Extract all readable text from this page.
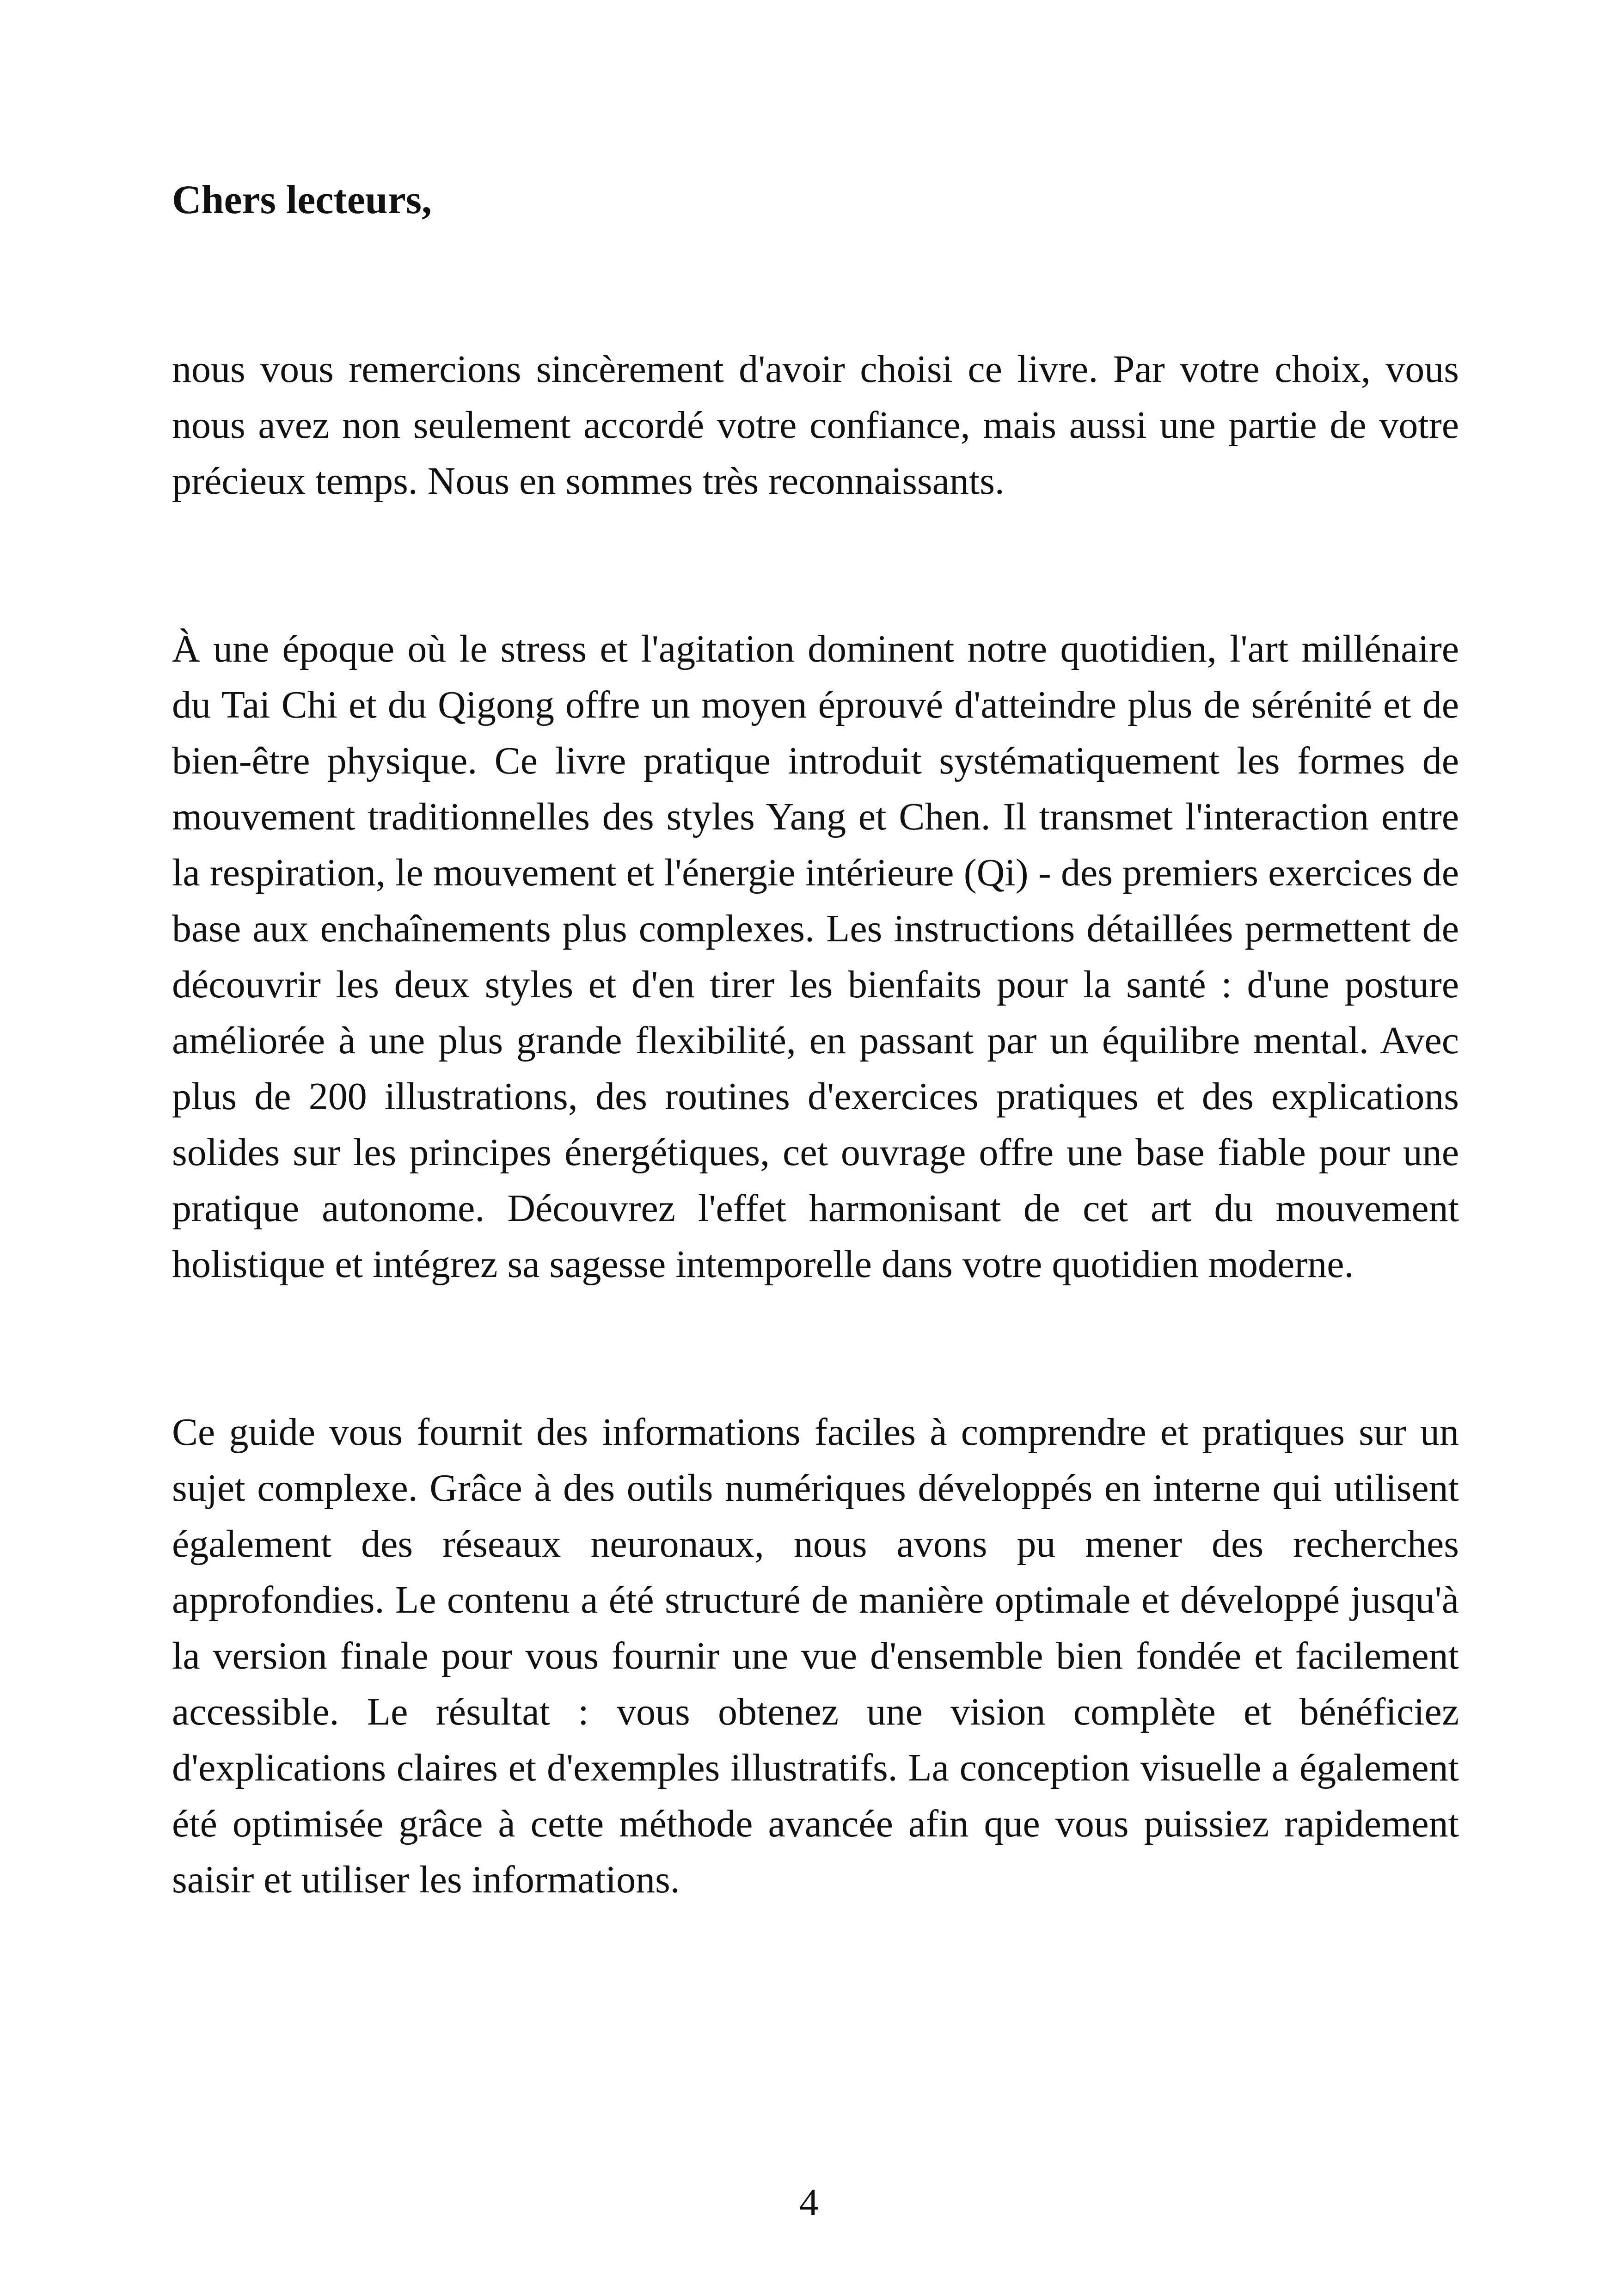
Chers lecteurs,

nous vous remercions sincèrement d'avoir choisi ce livre. Par votre choix, vous nous avez non seulement accordé votre confiance, mais aussi une partie de votre précieux temps. Nous en sommes très reconnaissants.

À une époque où le stress et l'agitation dominent notre quotidien, l'art millénaire du Tai Chi et du Qigong offre un moyen éprouvé d'atteindre plus de sérénité et de bien-être physique. Ce livre pratique introduit systématiquement les formes de mouvement traditionnelles des styles Yang et Chen. Il transmet l'interaction entre la respiration, le mouvement et l'énergie intérieure (Qi) - des premiers exercices de base aux enchaînements plus complexes. Les instructions détaillées permettent de découvrir les deux styles et d'en tirer les bienfaits pour la santé : d'une posture améliorée à une plus grande flexibilité, en passant par un équilibre mental. Avec plus de 200 illustrations, des routines d'exercices pratiques et des explications solides sur les principes énergétiques, cet ouvrage offre une base fiable pour une pratique autonome. Découvrez l'effet harmonisant de cet art du mouvement holistique et intégrez sa sagesse intemporelle dans votre quotidien moderne.

Ce guide vous fournit des informations faciles à comprendre et pratiques sur un sujet complexe. Grâce à des outils numériques développés en interne qui utilisent également des réseaux neuronaux, nous avons pu mener des recherches approfondies. Le contenu a été structuré de manière optimale et développé jusqu'à la version finale pour vous fournir une vue d'ensemble bien fondée et facilement accessible. Le résultat : vous obtenez une vision complète et bénéficiez d'explications claires et d'exemples illustratifs. La conception visuelle a également été optimisée grâce à cette méthode avancée afin que vous puissiez rapidement saisir et utiliser les informations.

4
